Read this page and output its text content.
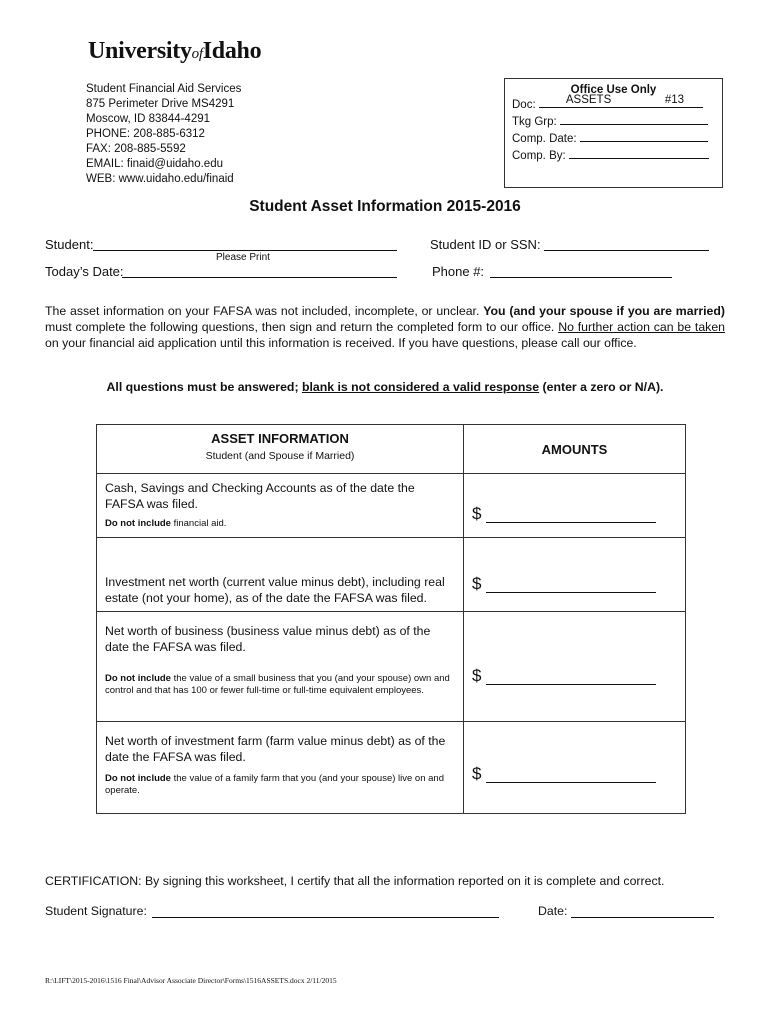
UniversityofIdaho
Student Financial Aid Services
875 Perimeter Drive MS4291
Moscow, ID 83844-4291
PHONE: 208-885-6312
FAX: 208-885-5592
EMAIL: finaid@uidaho.edu
WEB: www.uidaho.edu/finaid
Office Use Only
Doc:	ASSETS	#13
Tkg Grp:
Comp. Date:
Comp. By:
Student Asset Information 2015-2016
Student:
Please Print
Student ID or SSN:
Today’s Date:	Phone #:
The asset information on your FAFSA was not included, incomplete, or unclear. You (and your spouse if you are married) must complete the following questions, then sign and return the completed form to our office. No further action can be taken on your financial aid application until this information is received. If you have questions, please call our office.
All questions must be answered; blank is not considered a valid response (enter a zero or N/A).
ASSET INFORMATION
Student (and Spouse if Married)	AMOUNTS

Cash, Savings and Checking Accounts as of the date the FAFSA was filed.
Do not include financial aid.	$

Investment net worth (current value minus debt), including real estate (not your home), as of the date the FAFSA was filed.	$

Net worth of business (business value minus debt) as of the date the FAFSA was filed.
Do not include the value of a small business that you (and your spouse) own and control and that has 100 or fewer full-time or full-time equivalent employees.	$

Net worth of investment farm (farm value minus debt) as of the date the FAFSA was filed.
Do not include the value of a family farm that you (and your spouse) live on and operate.	$
CERTIFICATION: By signing this worksheet, I certify that all the information reported on it is complete and correct.
Student Signature:	Date:
R:\LIFT\2015-2016\1516 Final\Advisor Associate Director\Forms\1516ASSETS.docx 2/11/2015
